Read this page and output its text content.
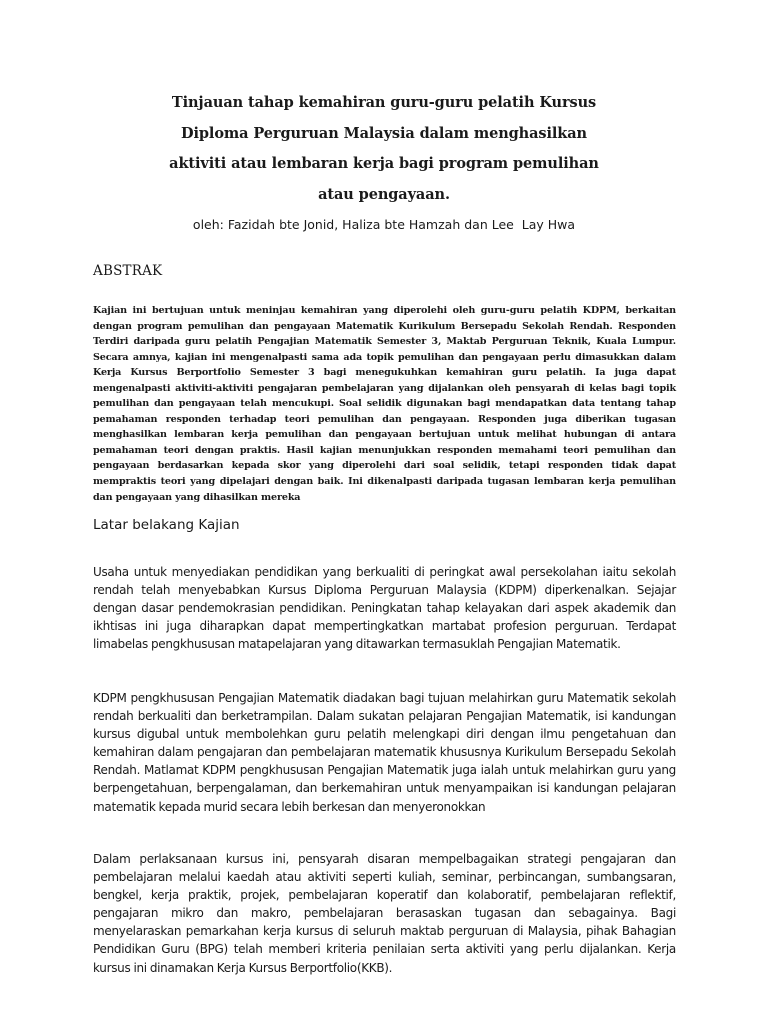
Tinjauan tahap kemahiran guru-guru pelatih Kursus
Diploma Perguruan Malaysia dalam menghasilkan
aktiviti atau lembaran kerja bagi program pemulihan
atau pengayaan.

oleh: Fazidah bte Jonid, Haliza bte Hamzah dan Lee  Lay Hwa

ABSTRAK

Kajian ini bertujuan untuk meninjau kemahiran yang diperolehi oleh guru-guru pelatih KDPM, berkaitan dengan program pemulihan dan pengayaan Matematik Kurikulum Bersepadu Sekolah Rendah. Responden Terdiri daripada guru pelatih Pengajian Matematik Semester 3, Maktab Perguruan Teknik, Kuala Lumpur. Secara amnya, kajian ini mengenalpasti sama ada topik pemulihan dan pengayaan perlu dimasukkan dalam Kerja Kursus Berportfolio Semester 3 bagi menegukuhkan kemahiran guru pelatih. Ia juga dapat mengenalpasti aktiviti-aktiviti pengajaran pembelajaran yang dijalankan oleh pensyarah di kelas bagi topik pemulihan dan pengayaan telah mencukupi. Soal selidik digunakan bagi mendapatkan data tentang tahap pemahaman responden terhadap teori pemulihan dan pengayaan. Responden juga diberikan tugasan menghasilkan lembaran kerja pemulihan dan pengayaan bertujuan untuk melihat hubungan di antara pemahaman teori dengan praktis. Hasil kajian menunjukkan responden memahami teori pemulihan dan pengayaan berdasarkan kepada skor yang diperolehi dari soal selidik, tetapi responden tidak dapat mempraktis teori yang dipelajari dengan baik. Ini dikenalpasti daripada tugasan lembaran kerja pemulihan dan pengayaan yang dihasilkan mereka

Latar belakang Kajian

Usaha untuk menyediakan pendidikan yang berkualiti di peringkat awal persekolahan iaitu sekolah rendah telah menyebabkan Kursus Diploma Perguruan Malaysia (KDPM) diperkenalkan. Sejajar dengan dasar pendemokrasian pendidikan. Peningkatan tahap kelayakan dari aspek akademik dan ikhtisas ini juga diharapkan dapat mempertingkatkan martabat profesion perguruan. Terdapat limabelas pengkhususan matapelajaran yang ditawarkan termasuklah Pengajian Matematik.

KDPM pengkhususan Pengajian Matematik diadakan bagi tujuan melahirkan guru Matematik sekolah rendah berkualiti dan berketrampilan. Dalam sukatan pelajaran Pengajian Matematik, isi kandungan kursus digubal untuk membolehkan guru pelatih melengkapi diri dengan ilmu pengetahuan dan kemahiran dalam pengajaran dan pembelajaran matematik khususnya Kurikulum Bersepadu Sekolah Rendah. Matlamat KDPM pengkhususan Pengajian Matematik juga ialah untuk melahirkan guru yang berpengetahuan, berpengalaman, dan berkemahiran untuk menyampaikan isi kandungan pelajaran matematik kepada murid secara lebih berkesan dan menyeronokkan

Dalam perlaksanaan kursus ini, pensyarah disaran mempelbagaikan strategi pengajaran dan pembelajaran melalui kaedah atau aktiviti seperti kuliah, seminar, perbincangan, sumbangsaran, bengkel, kerja praktik, projek, pembelajaran koperatif dan kolaboratif, pembelajaran reflektif, pengajaran mikro dan makro, pembelajaran berasaskan tugasan dan sebagainya. Bagi menyelaraskan pemarkahan kerja kursus di seluruh maktab perguruan di Malaysia, pihak Bahagian Pendidikan Guru (BPG) telah memberi kriteria penilaian serta aktiviti yang perlu dijalankan. Kerja kursus ini dinamakan Kerja Kursus Berportfolio(KKB).
